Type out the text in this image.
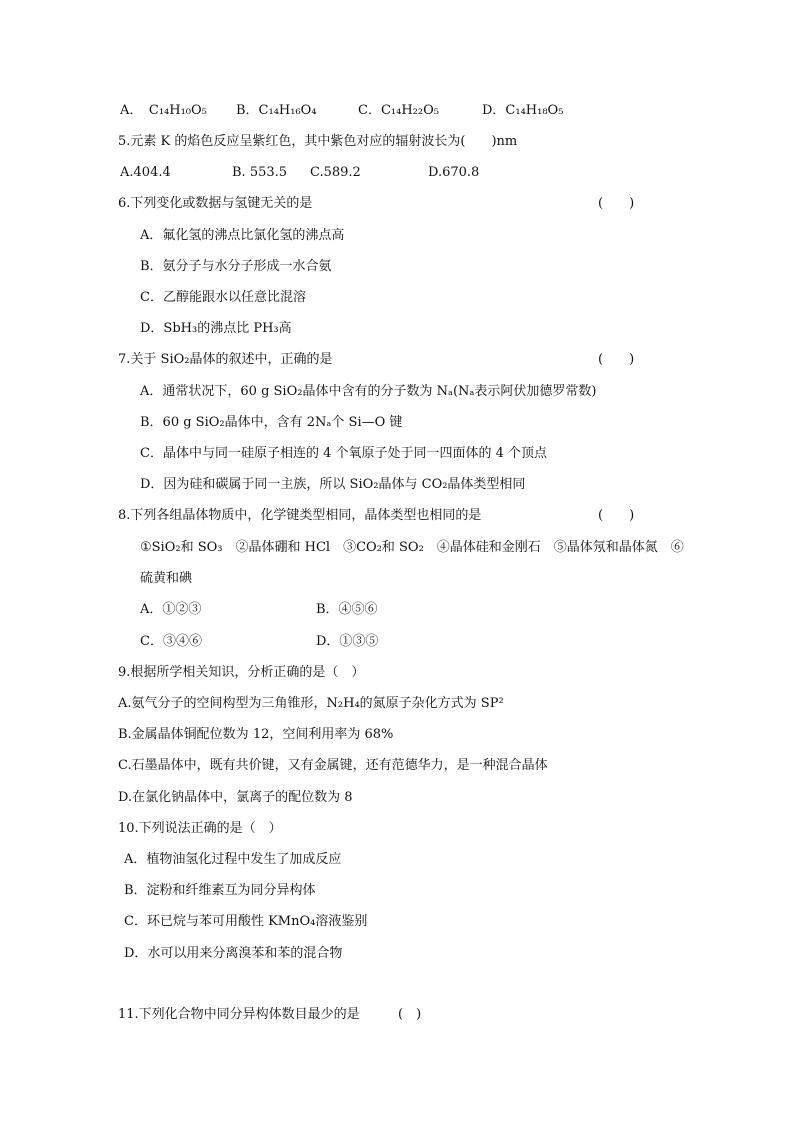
A．　C₁₄H₁₀O₅ B．C₁₄H₁₆O₄	C．C₁₄H₂₂O₅	D．C₁₄H₁₈O₅
5.元素 K 的焰色反应呈紫红色，其中紫色对应的辐射波长为(　　)nm
A.404.4	B. 553.5 C.589.2	D.670.8
6.下列变化或数据与氢键无关的是	(　　)
A．氟化氢的沸点比氯化氢的沸点高
B．氨分子与水分子形成一水合氨
C．乙醇能跟水以任意比混溶
D．SbH₃的沸点比 PH₃高
7.关于 SiO₂晶体的叙述中，正确的是	(　　)
A．通常状况下，60 g SiO₂晶体中含有的分子数为 Nₐ(Nₐ表示阿伏加德罗常数)
B．60 g SiO₂晶体中，含有 2Nₐ个 Si—O 键
C．晶体中与同一硅原子相连的 4 个氧原子处于同一四面体的 4 个顶点
D．因为硅和碳属于同一主族，所以 SiO₂晶体与 CO₂晶体类型相同
8.下列各组晶体物质中，化学键类型相同，晶体类型也相同的是	(　　)
①SiO₂和 SO₃　②晶体硼和 HCl　③CO₂和 SO₂　④晶体硅和金刚石　⑤晶体氖和晶体氮　⑥
硫黄和碘
A．①②③	B．④⑤⑥
C．③④⑥	D．①③⑤
9.根据所学相关知识，分析正确的是（　）
A.氨气分子的空间构型为三角锥形，N₂H₄的氮原子杂化方式为 SP²
B.金属晶体铜配位数为 12，空间利用率为 68%
C.石墨晶体中，既有共价键，又有金属键，还有范德华力，是一种混合晶体
D.在氯化钠晶体中，氯离子的配位数为 8
10.下列说法正确的是（　）
A．植物油氢化过程中发生了加成反应
B．淀粉和纤维素互为同分异构体
C．环已烷与苯可用酸性 KMnO₄溶液鉴别
D．水可以用来分离溴苯和苯的混合物
11.下列化合物中同分异构体数目最少的是	(　)
